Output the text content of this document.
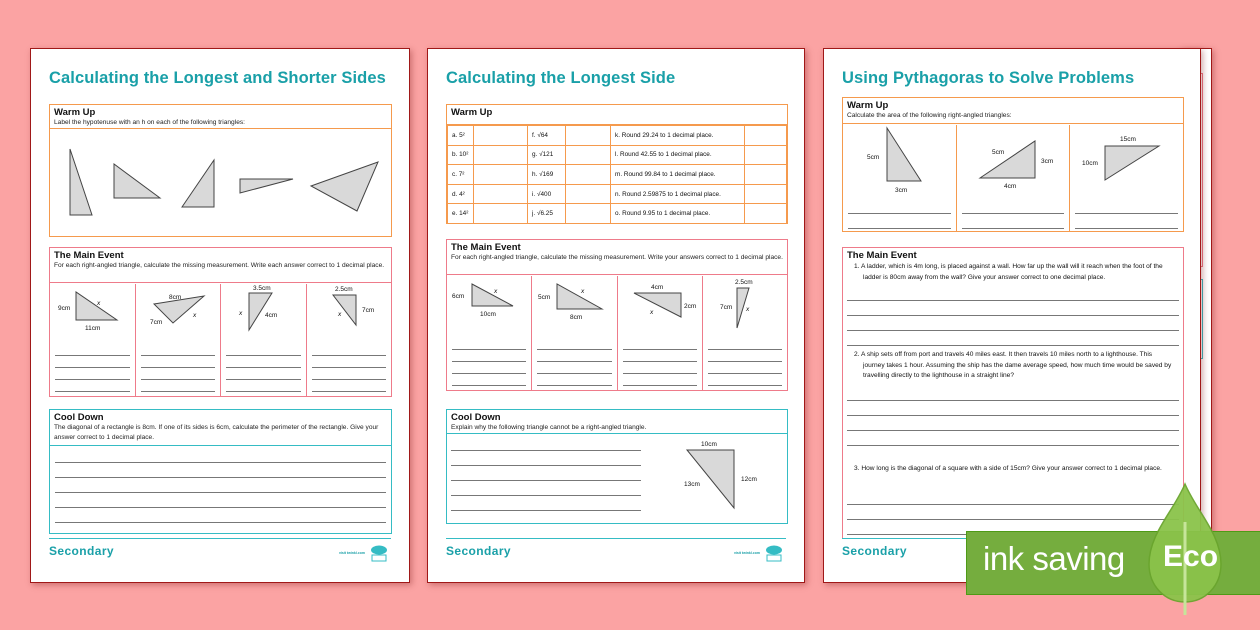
Calculating the Longest and Shorter Sides
Warm Up
Label the hypotenuse with an h on each of the following triangles:
The Main Event
For each right-angled triangle, calculate the missing measurement. Write each answer correct to 1 decimal place.
9cm
x
11cm
8cm
7cm
x
3.5cm
x	4cm
2.5cm
x
7cm
Cool Down
The diagonal of a rectangle is 8cm. If one of its sides is 6cm, calculate the perimeter of the rectangle. Give your answer correct to 1 decimal place.
Secondary	visit twinkl.com
Calculating the Longest Side
Warm Up
a. 5²		f. √64		k. Round 29.24 to 1 decimal place.	
b. 10²		g. √121		l. Round 42.55 to 1 decimal place.	
c. 7²		h. √169		m. Round 99.84 to 1 decimal place.	
d. 4²		i. √400		n. Round 2.59875 to 1 decimal place.	
e. 14²		j. √6.25		o. Round 9.95 to 1 decimal place.	
The Main Event
For each right-angled triangle, calculate the missing measurement. Write your answers correct to 1 decimal place.
6cm
x
10cm
5cm
x
8cm
4cm
2cm
x
2.5cm
7cm x
Cool Down
Explain why the following triangle cannot be a right-angled triangle.
10cm
13cm
12cm
Secondary	visit twinkl.com
Using Pythagoras to Solve Problems
Warm Up
Calculate the area of the following right-angled triangles:
5cm
3cm
5cm
3cm
4cm
15cm
10cm
The Main Event
1. A ladder, which is 4m long, is placed against a wall. How far up the wall will it reach when the foot of the ladder is 80cm away from the wall? Give your answer correct to one decimal place.
2. A ship sets off from port and travels 40 miles east. It then travels 10 miles north to a lighthouse. This journey takes 1 hour. Assuming the ship has the dame average speed, how much time would be saved by travelling directly to the lighthouse in a straight line?
3. How long is the diagonal of a square with a side of 15cm? Give your answer correct to 1 decimal place.
Secondary ink saving Eco
